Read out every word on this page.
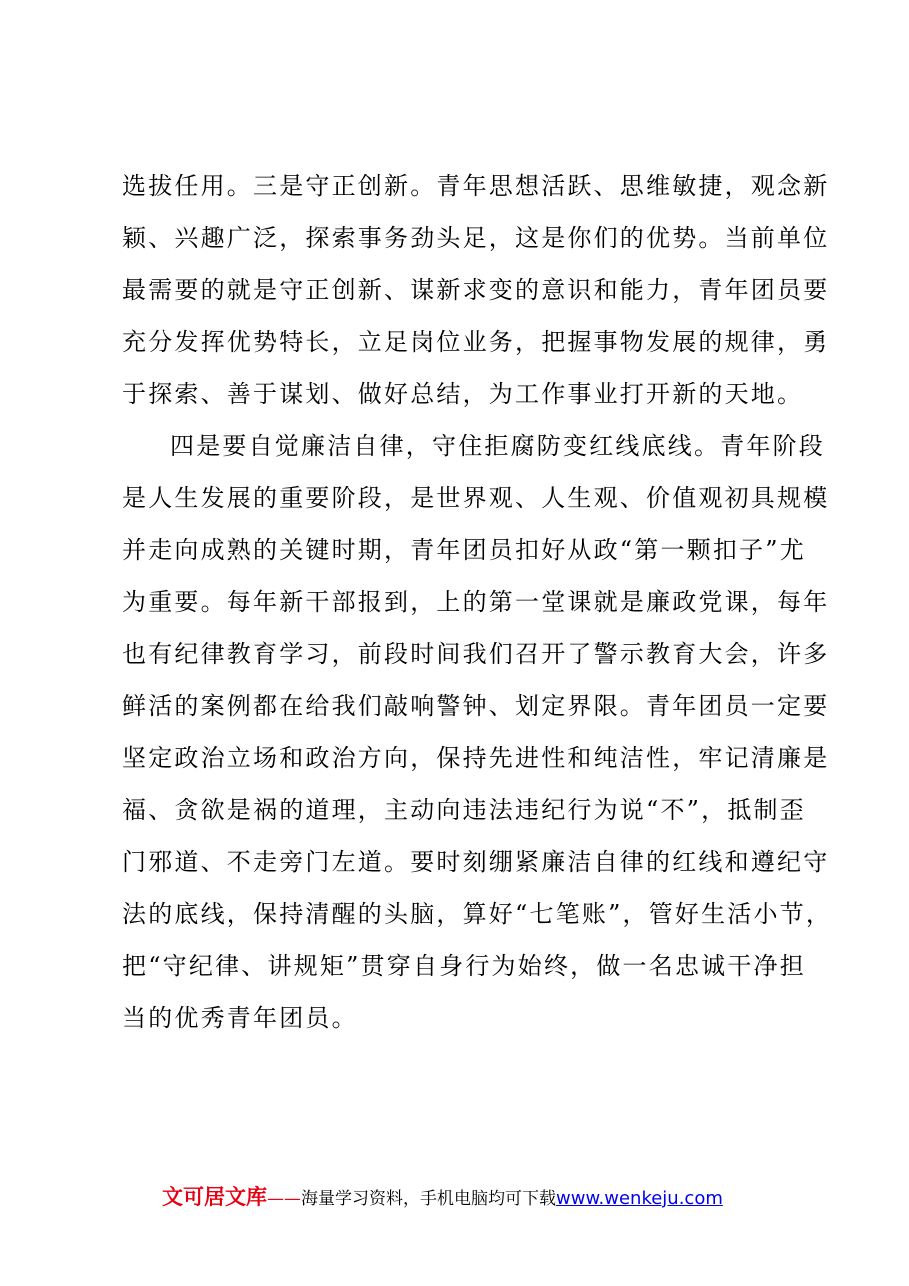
选拔任用。三是守正创新。青年思想活跃、思维敏捷，观念新
颖、兴趣广泛，探索事务劲头足，这是你们的优势。当前单位
最需要的就是守正创新、谋新求变的意识和能力，青年团员要
充分发挥优势特长，立足岗位业务，把握事物发展的规律，勇
于探索、善于谋划、做好总结，为工作事业打开新的天地。
四是要自觉廉洁自律，守住拒腐防变红线底线。青年阶段
是人生发展的重要阶段，是世界观、人生观、价值观初具规模
并走向成熟的关键时期，青年团员扣好从政“第一颗扣子”尤
为重要。每年新干部报到，上的第一堂课就是廉政党课，每年
也有纪律教育学习，前段时间我们召开了警示教育大会，许多
鲜活的案例都在给我们敲响警钟、划定界限。青年团员一定要
坚定政治立场和政治方向，保持先进性和纯洁性，牢记清廉是
福、贪欲是祸的道理，主动向违法违纪行为说“不”，抵制歪
门邪道、不走旁门左道。要时刻绷紧廉洁自律的红线和遵纪守
法的底线，保持清醒的头脑，算好“七笔账”，管好生活小节，
把“守纪律、讲规矩”贯穿自身行为始终，做一名忠诚干净担
当的优秀青年团员。
文可居文库——海量学习资料，手机电脑均可下载www.wenkeju.com
